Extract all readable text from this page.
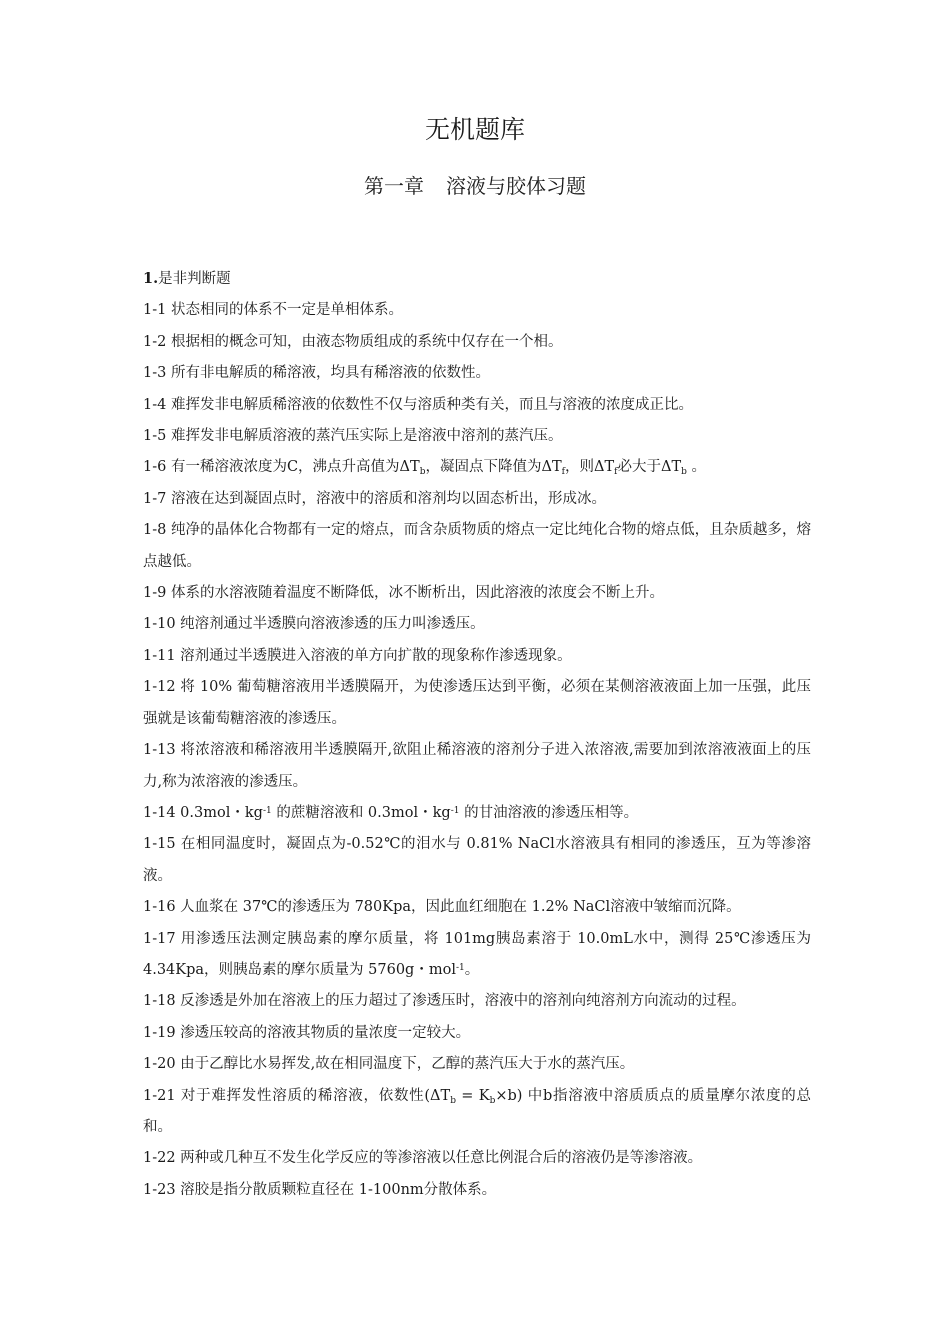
无机题库
第一章 溶液与胶体习题

1.是非判断题

1-1 状态相同的体系不一定是单相体系。

1-2 根据相的概念可知，由液态物质组成的系统中仅存在一个相。

1-3 所有非电解质的稀溶液，均具有稀溶液的依数性。

1-4 难挥发非电解质稀溶液的依数性不仅与溶质种类有关，而且与溶液的浓度成正比。

1-5 难挥发非电解质溶液的蒸汽压实际上是溶液中溶剂的蒸汽压。

1-6 有一稀溶液浓度为C，沸点升高值为$\Delta T_b$，凝固点下降值为$\Delta T_f$，则$\Delta T_f$必大于$\Delta T_b$ 。

1-7 溶液在达到凝固点时，溶液中的溶质和溶剂均以固态析出，形成冰。

1-8 纯净的晶体化合物都有一定的熔点，而含杂质物质的熔点一定比纯化合物的熔点低，且杂质越多，熔点越低。

1-9 体系的水溶液随着温度不断降低，冰不断析出，因此溶液的浓度会不断上升。

1-10 纯溶剂通过半透膜向溶液渗透的压力叫渗透压。

1-11 溶剂通过半透膜进入溶液的单方向扩散的现象称作渗透现象。

1-12 将 10% 葡萄糖溶液用半透膜隔开，为使渗透压达到平衡，必须在某侧溶液液面上加一压强，此压强就是该葡萄糖溶液的渗透压。

1-13 将浓溶液和稀溶液用半透膜隔开,欲阻止稀溶液的溶剂分子进入浓溶液,需要加到浓溶液液面上的压力,称为浓溶液的渗透压。

1-14 0.3mol・$kg^{-1}$ 的蔗糖溶液和 0.3mol・$kg^{-1}$ 的甘油溶液的渗透压相等。

1-15 在相同温度时，凝固点为-0.52℃的泪水与 0.81% NaCl水溶液具有相同的渗透压，互为等渗溶液。

1-16 人血浆在 37℃的渗透压为 780Kpa，因此血红细胞在 1.2% NaCl溶液中皱缩而沉降。

1-17 用渗透压法测定胰岛素的摩尔质量，将 101mg胰岛素溶于 10.0mL水中，测得 25℃渗透压为 4.34Kpa，则胰岛素的摩尔质量为 5760g・mol$^{-1}$。

1-18 反渗透是外加在溶液上的压力超过了渗透压时，溶液中的溶剂向纯溶剂方向流动的过程。

1-19 渗透压较高的溶液其物质的量浓度一定较大。

1-20 由于乙醇比水易挥发,故在相同温度下，乙醇的蒸汽压大于水的蒸汽压。

1-21 对于难挥发性溶质的稀溶液，依数性$(\Delta T_b = K_b\times b)$ 中b指溶液中溶质质点的质量摩尔浓度的总和。

1-22 两种或几种互不发生化学反应的等渗溶液以任意比例混合后的溶液仍是等渗溶液。

1-23 溶胶是指分散质颗粒直径在 1-100nm分散体系。
